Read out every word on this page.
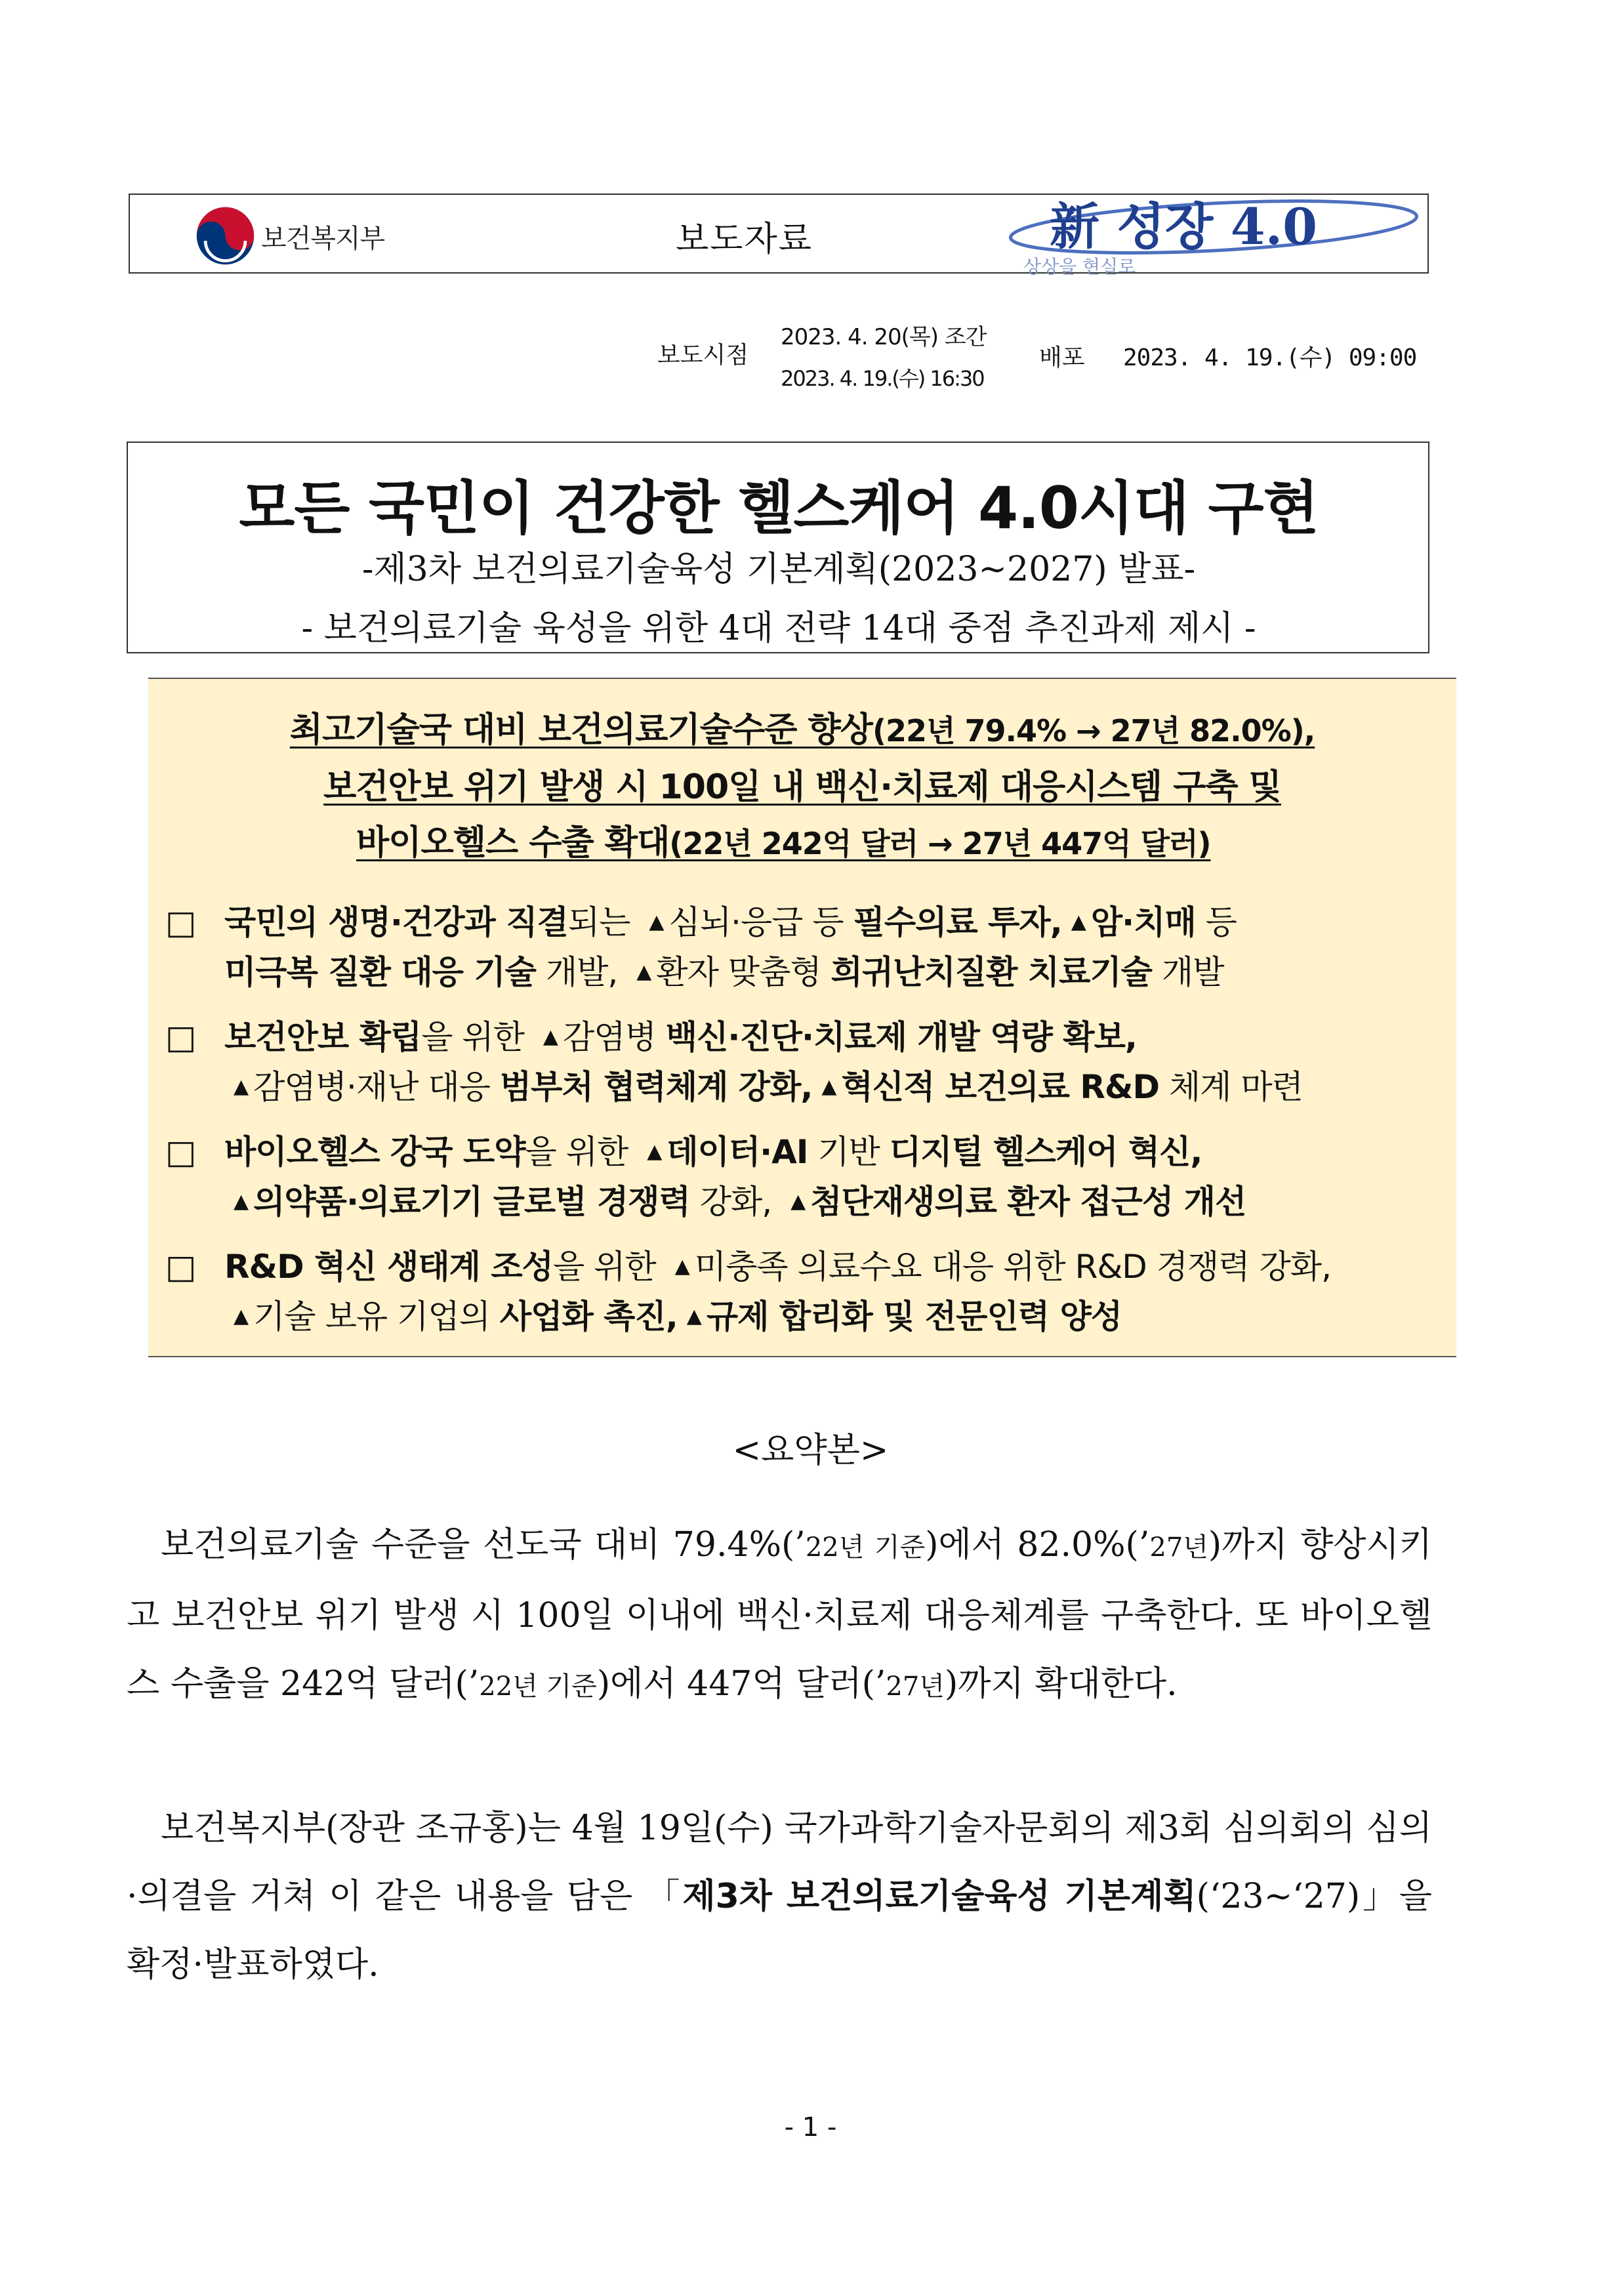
보건복지부	보도자료	新 성장 4.0
상상을 현실로
보도시점
2023. 4. 20(목) 조간
2023. 4. 19.(수) 16:30
배포 2023. 4. 19.(수) 09:00
모든 국민이 건강한 헬스케어 4.0시대 구현
-제3차 보건의료기술육성 기본계획(2023~2027) 발표-
- 보건의료기술 육성을 위한 4대 전략 14대 중점 추진과제 제시 -
최고기술국 대비 보건의료기술수준 향상(22년 79.4% → 27년 82.0%),
보건안보 위기 발생 시 100일 내 백신·치료제 대응시스템 구축 및
바이오헬스 수출 확대(22년 242억 달러 → 27년 447억 달러)
□ 국민의 생명·건강과 직결되는 ▲ 심뇌·응급 등 필수의료 투자, ▲ 암·치매 등
미극복 질환 대응 기술 개발, ▲ 환자 맞춤형 희귀난치질환 치료기술 개발
□ 보건안보 확립을 위한 ▲ 감염병 백신·진단·치료제 개발 역량 확보,
▲ 감염병·재난 대응 범부처 협력체계 강화, ▲ 혁신적 보건의료 R&D 체계 마련
□ 바이오헬스 강국 도약을 위한 ▲ 데이터·AI 기반 디지털 헬스케어 혁신,
▲ 의약품·의료기기 글로벌 경쟁력 강화, ▲ 첨단재생의료 환자 접근성 개선
□ R&D 혁신 생태계 조성을 위한 ▲ 미충족 의료수요 대응 위한 R&D 경쟁력 강화,
▲ 기술 보유 기업의 사업화 촉진, ▲ 규제 합리화 및 전문인력 양성
<요약본>
보건의료기술 수준을 선도국 대비 79.4%(’22년 기준)에서 82.0%(’27년)까지 향상시키고 보건안보 위기 발생 시 100일 이내에 백신·치료제 대응체계를 구축한다. 또 바이오헬스 수출을 242억 달러(’22년 기준)에서 447억 달러(’27년)까지 확대한다.
보건복지부(장관 조규홍)는 4월 19일(수) 국가과학기술자문회의 제3회 심의회의 심의·의결을 거쳐 이 같은 내용을 담은 「제3차 보건의료기술육성 기본계획(‘23~‘27)」을 확정·발표하였다.
- 1 -
